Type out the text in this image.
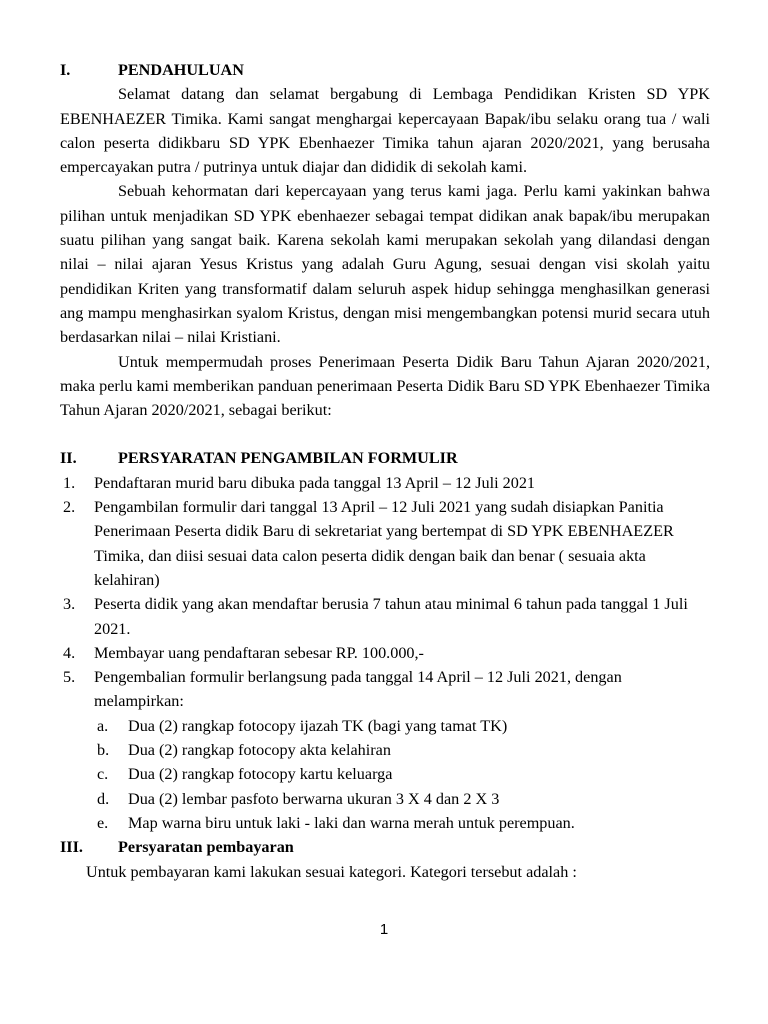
I.	PENDAHULUAN

Selamat datang dan selamat bergabung di Lembaga Pendidikan Kristen SD YPK EBENHAEZER Timika. Kami sangat menghargai kepercayaan Bapak/ibu selaku orang tua / wali calon peserta didikbaru SD YPK Ebenhaezer Timika tahun ajaran 2020/2021, yang berusaha empercayakan putra / putrinya untuk diajar dan dididik di sekolah kami.

Sebuah kehormatan dari kepercayaan yang terus kami jaga. Perlu kami yakinkan bahwa pilihan untuk menjadikan SD YPK ebenhaezer sebagai tempat didikan anak bapak/ibu merupakan suatu pilihan yang sangat baik. Karena sekolah kami merupakan sekolah yang dilandasi dengan nilai – nilai ajaran Yesus Kristus yang adalah Guru Agung, sesuai dengan visi skolah yaitu pendidikan Kriten yang transformatif dalam seluruh aspek hidup sehingga menghasilkan generasi ang mampu menghasirkan syalom Kristus, dengan misi mengembangkan potensi murid secara utuh berdasarkan nilai – nilai Kristiani.

Untuk mempermudah proses Penerimaan Peserta Didik Baru Tahun Ajaran 2020/2021, maka perlu kami memberikan panduan penerimaan Peserta Didik Baru SD YPK Ebenhaezer Timika Tahun Ajaran 2020/2021, sebagai berikut:

II.	PERSYARATAN PENGAMBILAN FORMULIR
1.	Pendaftaran murid baru dibuka pada tanggal 13 April – 12 Juli 2021
2.	Pengambilan formulir dari tanggal 13 April – 12 Juli 2021 yang sudah disiapkan Panitia Penerimaan Peserta didik Baru di sekretariat yang bertempat di SD YPK EBENHAEZER Timika, dan diisi sesuai data calon peserta didik dengan baik dan benar ( sesuaia akta kelahiran)
3.	Peserta didik yang akan mendaftar berusia 7 tahun atau minimal 6 tahun pada tanggal 1 Juli 2021.
4.	Membayar uang pendaftaran sebesar RP. 100.000,-
5.	Pengembalian formulir berlangsung pada tanggal 14 April – 12 Juli 2021, dengan melampirkan:
a.	Dua (2) rangkap fotocopy ijazah TK (bagi yang tamat TK)
b.	Dua (2) rangkap fotocopy akta kelahiran
c.	Dua (2) rangkap fotocopy kartu keluarga
d.	Dua (2) lembar pasfoto berwarna ukuran 3 X 4 dan 2 X 3
e.	Map warna biru untuk laki - laki dan warna merah untuk perempuan.
III.	Persyaratan pembayaran

Untuk pembayaran kami lakukan sesuai kategori. Kategori tersebut adalah :

1
